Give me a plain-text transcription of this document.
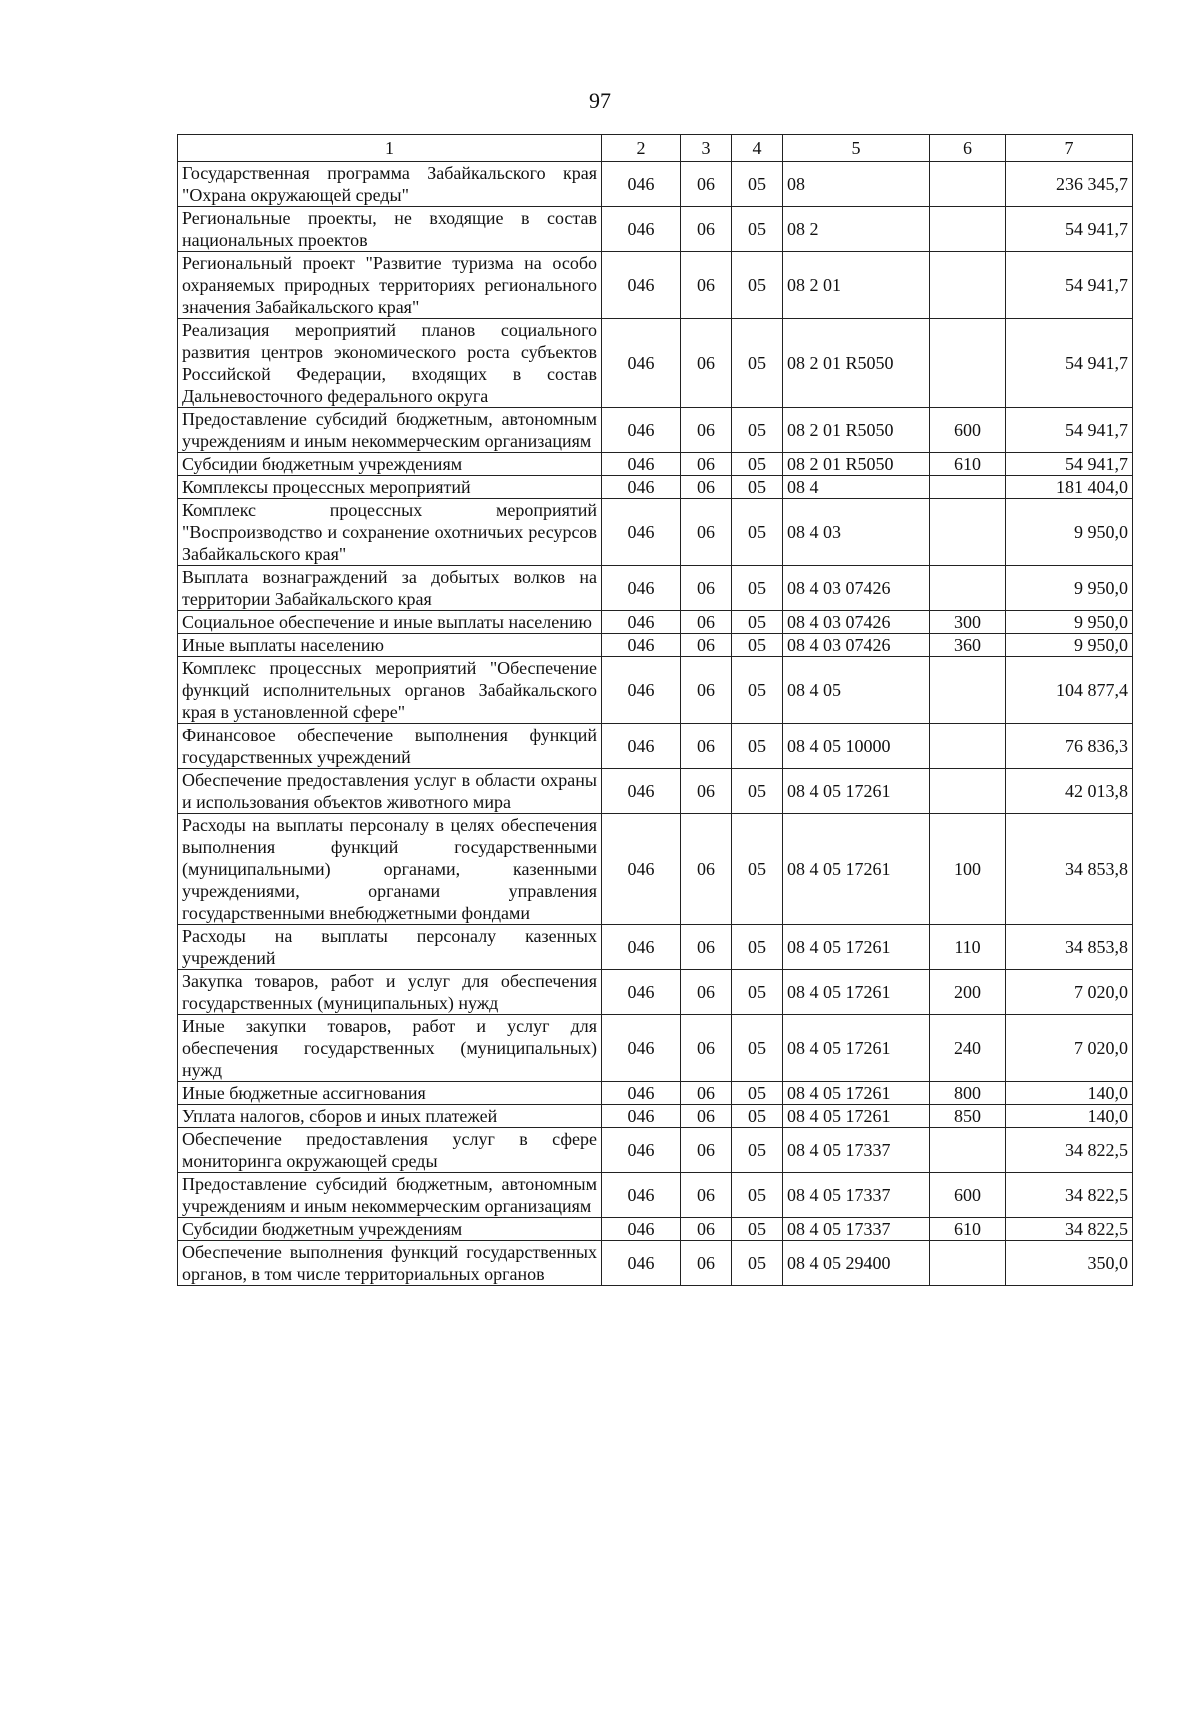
97
1	2	3	4	5	6	7
Государственная программа Забайкальского края "Охрана окружающей среды"	046	06	05	08		236 345,7
Региональные проекты, не входящие в состав национальных проектов	046	06	05	08 2		54 941,7
Региональный проект "Развитие туризма на особо охраняемых природных территориях регионального значения Забайкальского края"	046	06	05	08 2 01		54 941,7
Реализация мероприятий планов социального развития центров экономического роста субъектов Российской Федерации, входящих в состав Дальневосточного федерального округа	046	06	05	08 2 01 R5050		54 941,7
Предоставление субсидий бюджетным, автономным учреждениям и иным некоммерческим организациям	046	06	05	08 2 01 R5050	600	54 941,7
Субсидии бюджетным учреждениям	046	06	05	08 2 01 R5050	610	54 941,7
Комплексы процессных мероприятий	046	06	05	08 4		181 404,0
Комплекс процессных мероприятий "Воспроизводство и сохранение охотничьих ресурсов Забайкальского края"	046	06	05	08 4 03		9 950,0
Выплата вознаграждений за добытых волков на территории Забайкальского края	046	06	05	08 4 03 07426		9 950,0
Социальное обеспечение и иные выплаты населению	046	06	05	08 4 03 07426	300	9 950,0
Иные выплаты населению	046	06	05	08 4 03 07426	360	9 950,0
Комплекс процессных мероприятий "Обеспечение функций исполнительных органов Забайкальского края в установленной сфере"	046	06	05	08 4 05		104 877,4
Финансовое обеспечение выполнения функций государственных учреждений	046	06	05	08 4 05 10000		76 836,3
Обеспечение предоставления услуг в области охраны и использования объектов животного мира	046	06	05	08 4 05 17261		42 013,8
Расходы на выплаты персоналу в целях обеспечения выполнения функций государственными (муниципальными) органами, казенными учреждениями, органами управления государственными внебюджетными фондами	046	06	05	08 4 05 17261	100	34 853,8
Расходы на выплаты персоналу казенных учреждений	046	06	05	08 4 05 17261	110	34 853,8
Закупка товаров, работ и услуг для обеспечения государственных (муниципальных) нужд	046	06	05	08 4 05 17261	200	7 020,0
Иные закупки товаров, работ и услуг для обеспечения государственных (муниципальных) нужд	046	06	05	08 4 05 17261	240	7 020,0
Иные бюджетные ассигнования	046	06	05	08 4 05 17261	800	140,0
Уплата налогов, сборов и иных платежей	046	06	05	08 4 05 17261	850	140,0
Обеспечение предоставления услуг в сфере мониторинга окружающей среды	046	06	05	08 4 05 17337		34 822,5
Предоставление субсидий бюджетным, автономным учреждениям и иным некоммерческим организациям	046	06	05	08 4 05 17337	600	34 822,5
Субсидии бюджетным учреждениям	046	06	05	08 4 05 17337	610	34 822,5
Обеспечение выполнения функций государственных органов, в том числе территориальных органов	046	06	05	08 4 05 29400		350,0
